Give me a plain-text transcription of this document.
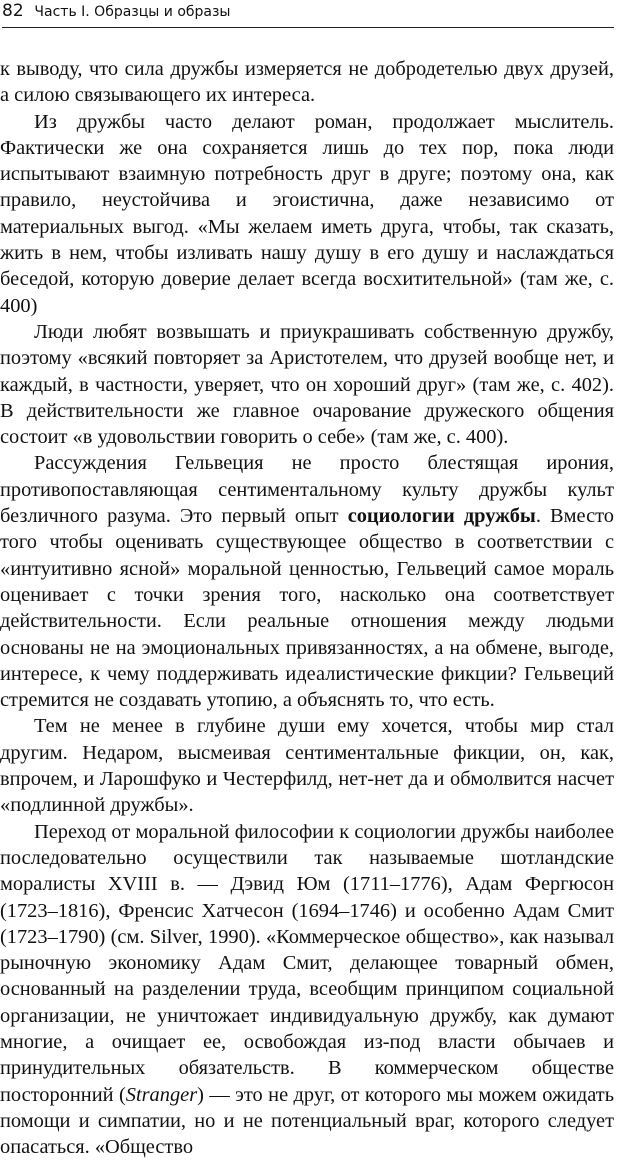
82 Часть I. Образцы и образы

к выводу, что сила дружбы измеряется не добродетелью двух друзей, а силою связывающего их интереса.

Из дружбы часто делают роман, продолжает мыслитель. Фактически же она сохраняется лишь до тех пор, пока люди испытывают взаимную потребность друг в друге; поэтому она, как правило, неустойчива и эгоистична, даже независимо от материальных выгод. «Мы желаем иметь друга, чтобы, так сказать, жить в нем, чтобы изливать нашу душу в его душу и наслаждаться беседой, которую доверие делает всегда восхитительной» (там же, с. 400)

Люди любят возвышать и приукрашивать собственную дружбу, поэтому «всякий повторяет за Аристотелем, что друзей вообще нет, и каждый, в частности, уверяет, что он хороший друг» (там же, с. 402). В действительности же главное очарование дружеского общения состоит «в удовольствии говорить о себе» (там же, с. 400).

Рассуждения Гельвеция не просто блестящая ирония, противопоставляющая сентиментальному культу дружбы культ безличного разума. Это первый опыт социологии дружбы. Вместо того чтобы оценивать существующее общество в соответствии с «интуитивно ясной» моральной ценностью, Гельвеций самое мораль оценивает с точки зрения того, насколько она соответствует действительности. Если реальные отношения между людьми основаны не на эмоциональных привязанностях, а на обмене, выгоде, интересе, к чему поддерживать идеалистические фикции? Гельвеций стремится не создавать утопию, а объяснять то, что есть.

Тем не менее в глубине души ему хочется, чтобы мир стал другим. Недаром, высмеивая сентиментальные фикции, он, как, впрочем, и Ларошфуко и Честерфилд, нет-нет да и обмолвится насчет «подлинной дружбы».

Переход от моральной философии к социологии дружбы наиболее последовательно осуществили так называемые шотландские моралисты XVIII в. — Дэвид Юм (1711–1776), Адам Фергюсон (1723–1816), Френсис Хатчесон (1694–1746) и особенно Адам Смит (1723–1790) (см. Silver, 1990). «Коммерческое общество», как называл рыночную экономику Адам Смит, делающее товарный обмен, основанный на разделении труда, всеобщим принципом социальной организации, не уничтожает индивидуальную дружбу, как думают многие, а очищает ее, освобождая из-под власти обычаев и принудительных обязательств. В коммерческом обществе посторонний (Stranger) — это не друг, от которого мы можем ожидать помощи и симпатии, но и не потенциальный враг, которого следует опасаться. «Общество
